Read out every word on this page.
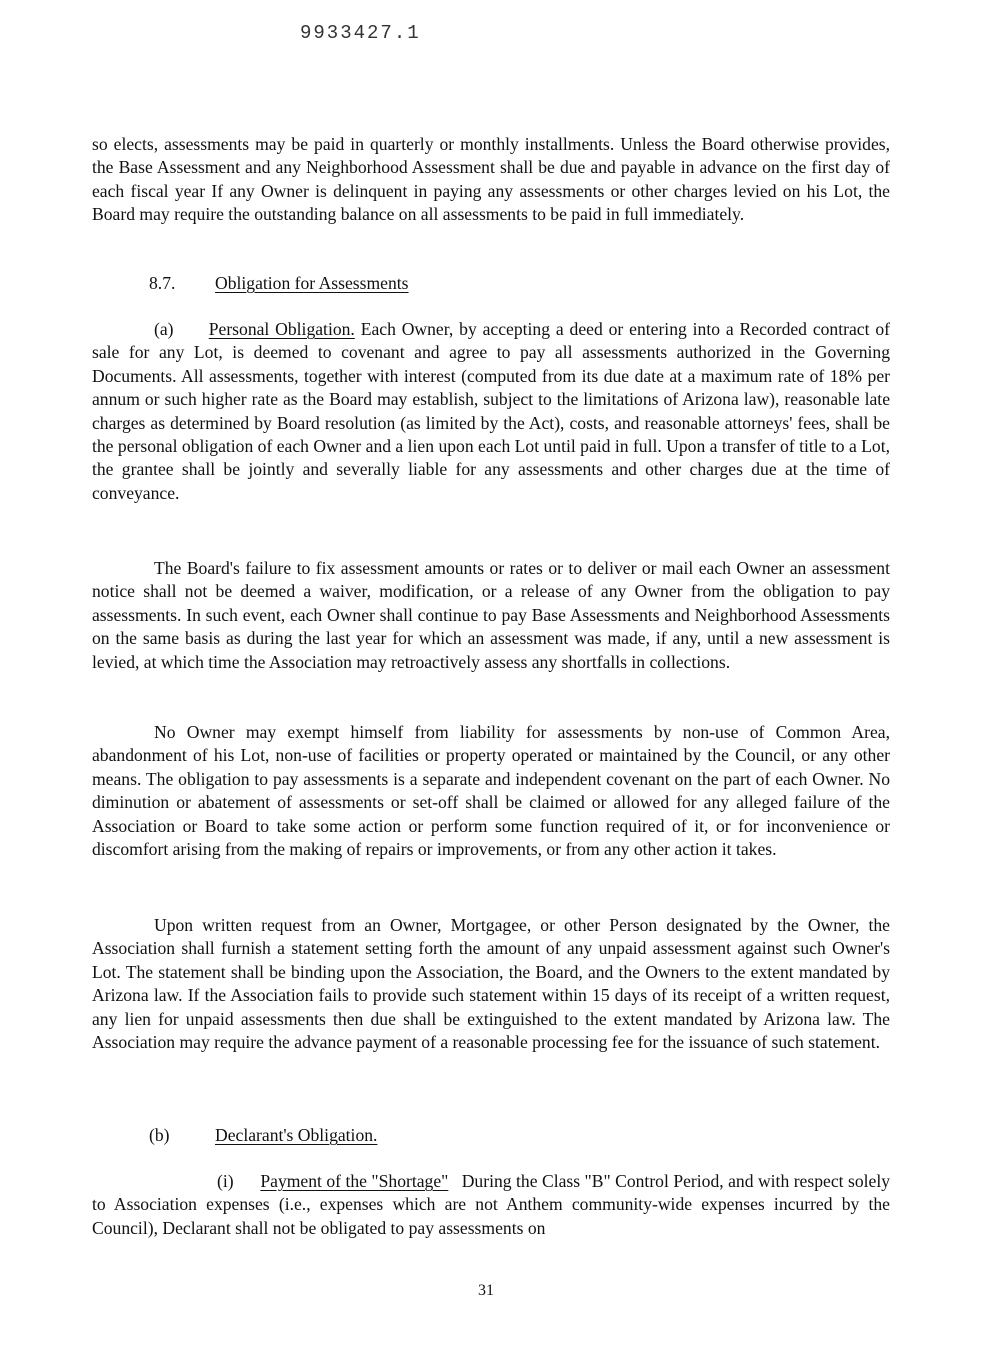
9933427.1

so elects, assessments may be paid in quarterly or monthly installments. Unless the Board otherwise provides, the Base Assessment and any Neighborhood Assessment shall be due and payable in advance on the first day of each fiscal year If any Owner is delinquent in paying any assessments or other charges levied on his Lot, the Board may require the outstanding balance on all assessments to be paid in full immediately.

8.7. Obligation for Assessments

(a) Personal Obligation. Each Owner, by accepting a deed or entering into a Recorded contract of sale for any Lot, is deemed to covenant and agree to pay all assessments authorized in the Governing Documents. All assessments, together with interest (computed from its due date at a maximum rate of 18% per annum or such higher rate as the Board may establish, subject to the limitations of Arizona law), reasonable late charges as determined by Board resolution (as limited by the Act), costs, and reasonable attorneys' fees, shall be the personal obligation of each Owner and a lien upon each Lot until paid in full. Upon a transfer of title to a Lot, the grantee shall be jointly and severally liable for any assessments and other charges due at the time of conveyance.

The Board's failure to fix assessment amounts or rates or to deliver or mail each Owner an assessment notice shall not be deemed a waiver, modification, or a release of any Owner from the obligation to pay assessments. In such event, each Owner shall continue to pay Base Assessments and Neighborhood Assessments on the same basis as during the last year for which an assessment was made, if any, until a new assessment is levied, at which time the Association may retroactively assess any shortfalls in collections.

No Owner may exempt himself from liability for assessments by non-use of Common Area, abandonment of his Lot, non-use of facilities or property operated or maintained by the Council, or any other means. The obligation to pay assessments is a separate and independent covenant on the part of each Owner. No diminution or abatement of assessments or set-off shall be claimed or allowed for any alleged failure of the Association or Board to take some action or perform some function required of it, or for inconvenience or discomfort arising from the making of repairs or improvements, or from any other action it takes.

Upon written request from an Owner, Mortgagee, or other Person designated by the Owner, the Association shall furnish a statement setting forth the amount of any unpaid assessment against such Owner's Lot. The statement shall be binding upon the Association, the Board, and the Owners to the extent mandated by Arizona law. If the Association fails to provide such statement within 15 days of its receipt of a written request, any lien for unpaid assessments then due shall be extinguished to the extent mandated by Arizona law. The Association may require the advance payment of a reasonable processing fee for the issuance of such statement.

(b)	Declarant's Obligation.

(i) Payment of the "Shortage" During the Class "B" Control Period, and with respect solely to Association expenses (i.e., expenses which are not Anthem community-wide expenses incurred by the Council), Declarant shall not be obligated to pay assessments on

31
